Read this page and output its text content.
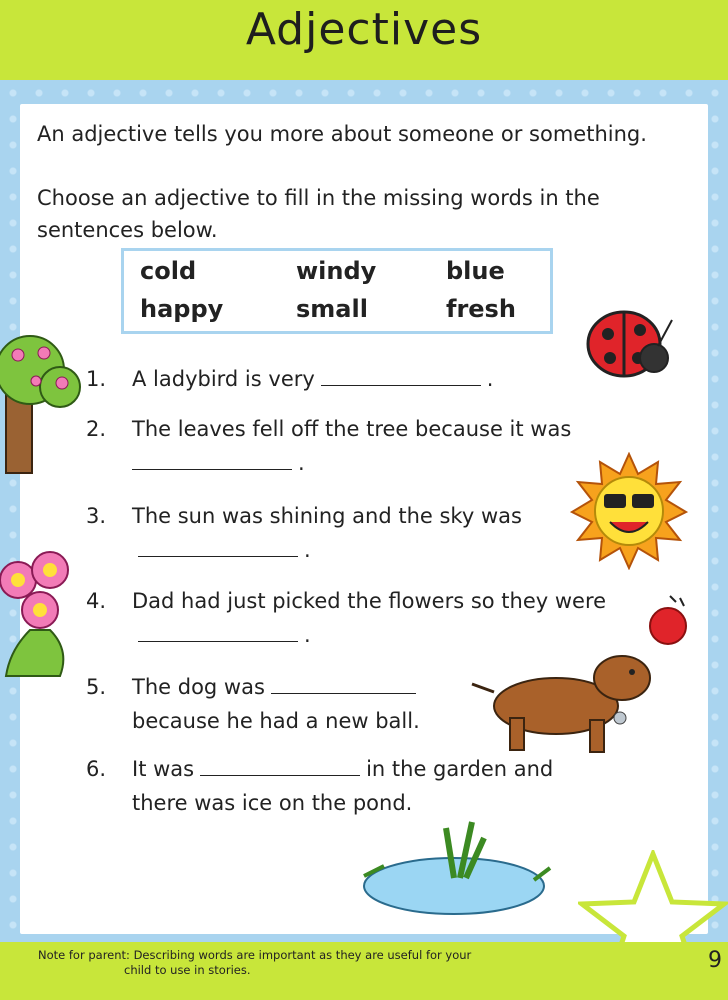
Adjectives
An adjective tells you more about someone or something.
Choose an adjective to fill in the missing words in the sentences below.
cold	windy	blue
happy	small	fresh
1.	A ladybird is very	.
2.	The leaves fell off the tree because it was
.
3.	The sun was shining and the sky was.
4.	Dad had just picked the flowers so they were.
5.	The dog wasbecause he had a new ball.
6.	It was	in the garden and there was ice on the pond.
Note for parent: Describing words are important as they are useful for your
child to use in stories.	9
